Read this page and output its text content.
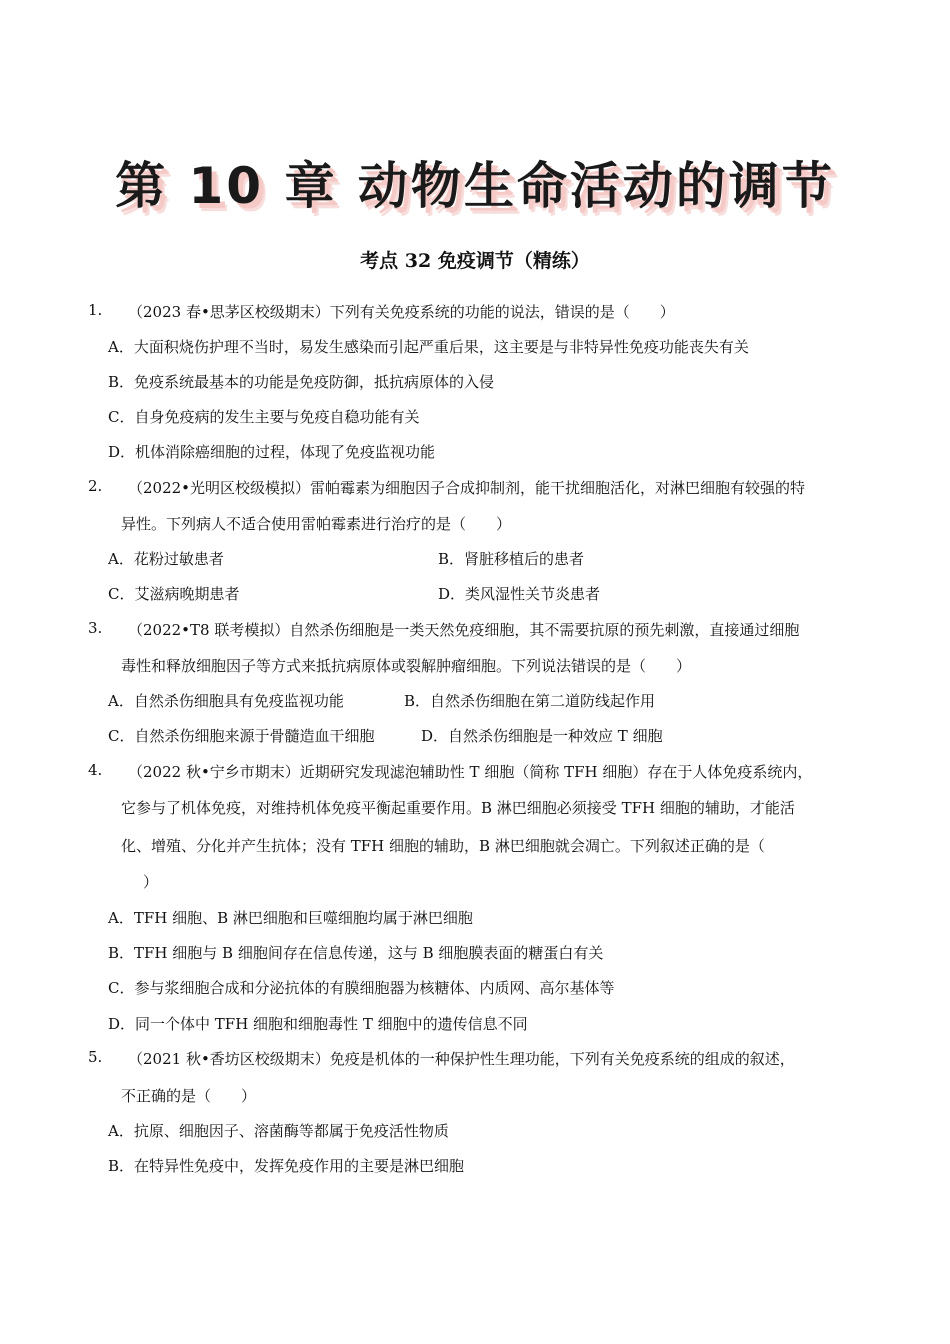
第 10 章 动物生命活动的调节
考点 32 免疫调节（精练）
1. （2023 春•思茅区校级期末）下列有关免疫系统的功能的说法，错误的是（　　）
A．大面积烧伤护理不当时，易发生感染而引起严重后果，这主要是与非特异性免疫功能丧失有关
B．免疫系统最基本的功能是免疫防御，抵抗病原体的入侵
C．自身免疫病的发生主要与免疫自稳功能有关
D．机体消除癌细胞的过程，体现了免疫监视功能
2. （2022•光明区校级模拟）雷帕霉素为细胞因子合成抑制剂，能干扰细胞活化，对淋巴细胞有较强的特
异性。下列病人不适合使用雷帕霉素进行治疗的是（　　）
A．花粉过敏患者	B．肾脏移植后的患者
C．艾滋病晚期患者	D．类风湿性关节炎患者
3. （2022•T8 联考模拟）自然杀伤细胞是一类天然免疫细胞，其不需要抗原的预先刺激，直接通过细胞
毒性和释放细胞因子等方式来抵抗病原体或裂解肿瘤细胞。下列说法错误的是（　　）
A．自然杀伤细胞具有免疫监视功能	B．自然杀伤细胞在第二道防线起作用
C．自然杀伤细胞来源于骨髓造血干细胞	D．自然杀伤细胞是一种效应 T 细胞
4. （2022 秋•宁乡市期末）近期研究发现滤泡辅助性 T 细胞（简称 TFH 细胞）存在于人体免疫系统内，
它参与了机体免疫，对维持机体免疫平衡起重要作用。B 淋巴细胞必须接受 TFH 细胞的辅助，才能活
化、增殖、分化并产生抗体；没有 TFH 细胞的辅助，B 淋巴细胞就会凋亡。下列叙述正确的是（
　）
A．TFH 细胞、B 淋巴细胞和巨噬细胞均属于淋巴细胞
B．TFH 细胞与 B 细胞间存在信息传递，这与 B 细胞膜表面的糖蛋白有关
C．参与浆细胞合成和分泌抗体的有膜细胞器为核糖体、内质网、高尔基体等
D．同一个体中 TFH 细胞和细胞毒性 T 细胞中的遗传信息不同
5. （2021 秋•香坊区校级期末）免疫是机体的一种保护性生理功能，下列有关免疫系统的组成的叙述，
不正确的是（　　）
A．抗原、细胞因子、溶菌酶等都属于免疫活性物质
B．在特异性免疫中，发挥免疫作用的主要是淋巴细胞
